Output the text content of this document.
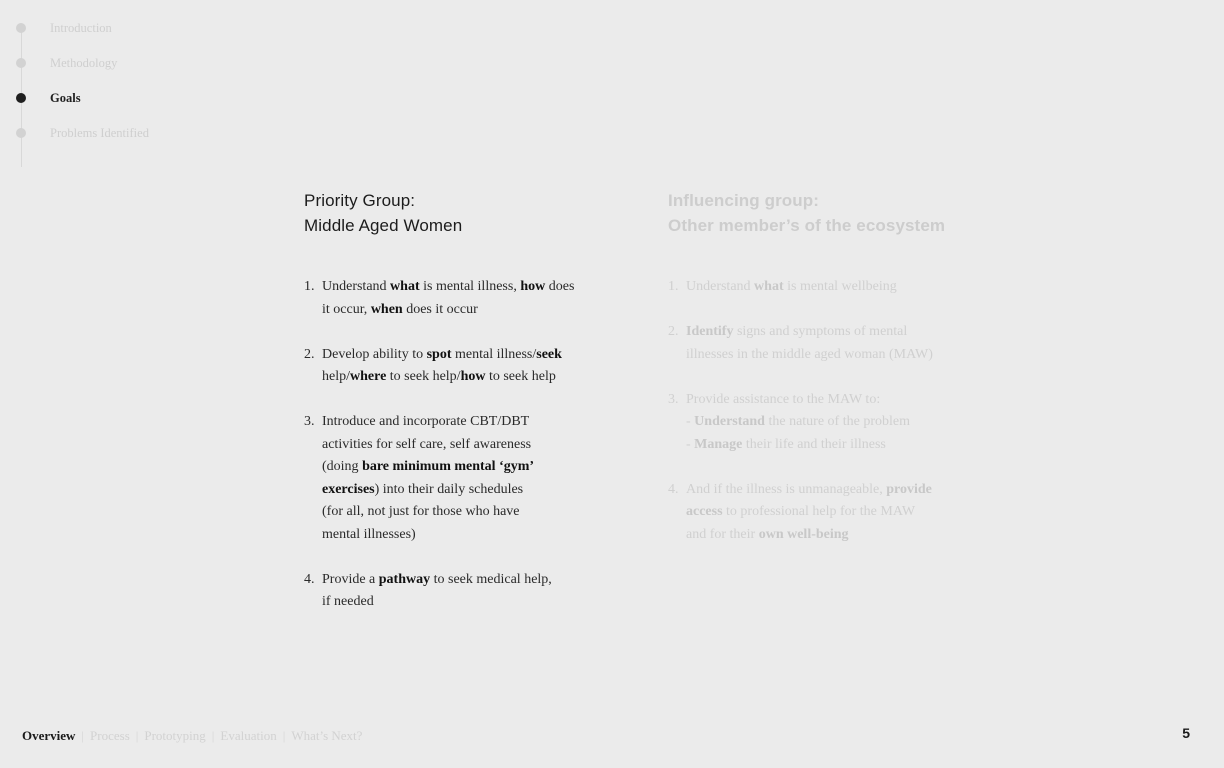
Introduction
Methodology
Goals
Problems Identified
Priority Group:
Middle Aged Women
1. Understand what is mental illness, how does
it occur, when does it occur
2. Develop ability to spot mental illness/seek
help/where to seek help/how to seek help
3. Introduce and incorporate CBT/DBT
activities for self care, self awareness
(doing bare minimum mental ‘gym’
exercises) into their daily schedules
(for all, not just for those who have
mental illnesses)
4. Provide a pathway to seek medical help,
if needed
Influencing group:
Other member’s of the ecosystem
1. Understand what is mental wellbeing
2. Identify signs and symptoms of mental
illnesses in the middle aged woman (MAW)
3. Provide assistance to the MAW to:
- Understand the nature of the problem
- Manage their life and their illness
4. And if the illness is unmanageable, provide
access to professional help for the MAW
and for their own well-being
Overview | Process | Prototyping | Evaluation | What’s Next?	5
